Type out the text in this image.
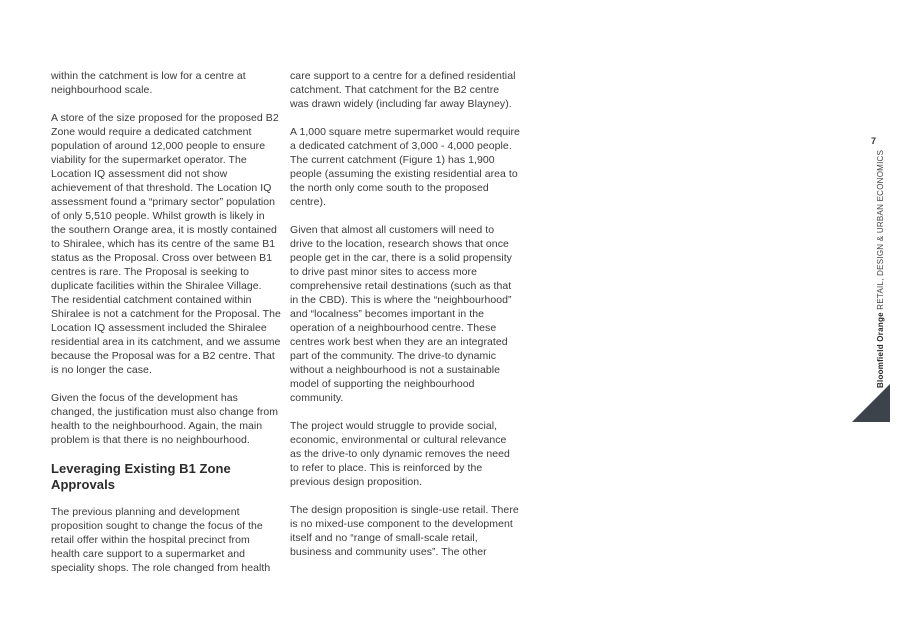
within the catchment is low for a centre at neighbourhood scale.

A store of the size proposed for the proposed B2 Zone would require a dedicated catchment population of around 12,000 people to ensure viability for the supermarket operator. The Location IQ assessment did not show achievement of that threshold. The Location IQ assessment found a “primary sector” population of only 5,510 people. Whilst growth is likely in the southern Orange area, it is mostly contained to Shiralee, which has its centre of the same B1 status as the Proposal. Cross over between B1 centres is rare. The Proposal is seeking to duplicate facilities within the Shiralee Village. The residential catchment contained within Shiralee is not a catchment for the Proposal. The Location IQ assessment included the Shiralee residential area in its catchment, and we assume because the Proposal was for a B2 centre. That is no longer the case.

Given the focus of the development has changed, the justification must also change from health to the neighbourhood. Again, the main problem is that there is no neighbourhood.

Leveraging Existing B1 Zone Approvals

The previous planning and development proposition sought to change the focus of the retail offer within the hospital precinct from health care support to a supermarket and speciality shops. The role changed from health

care support to a centre for a defined residential catchment. That catchment for the B2 centre was drawn widely (including far away Blayney).

A 1,000 square metre supermarket would require a dedicated catchment of 3,000 - 4,000 people. The current catchment (Figure 1) has 1,900 people (assuming the existing residential area to the north only come south to the proposed centre).

Given that almost all customers will need to drive to the location, research shows that once people get in the car, there is a solid propensity to drive past minor sites to access more comprehensive retail destinations (such as that in the CBD). This is where the “neighbourhood” and “localness” becomes important in the operation of a neighbourhood centre. These centres work best when they are an integrated part of the community. The drive-to dynamic without a neighbourhood is not a sustainable model of supporting the neighbourhood community.

The project would struggle to provide social, economic, environmental or cultural relevance as the drive-to only dynamic removes the need to refer to place. This is reinforced by the previous design proposition.

The design proposition is single-use retail. There is no mixed-use component to the development itself and no “range of small-scale retail, business and community uses”. The other

7
Bloomfield Orange RETAIL, DESIGN & URBAN ECONOMICS
